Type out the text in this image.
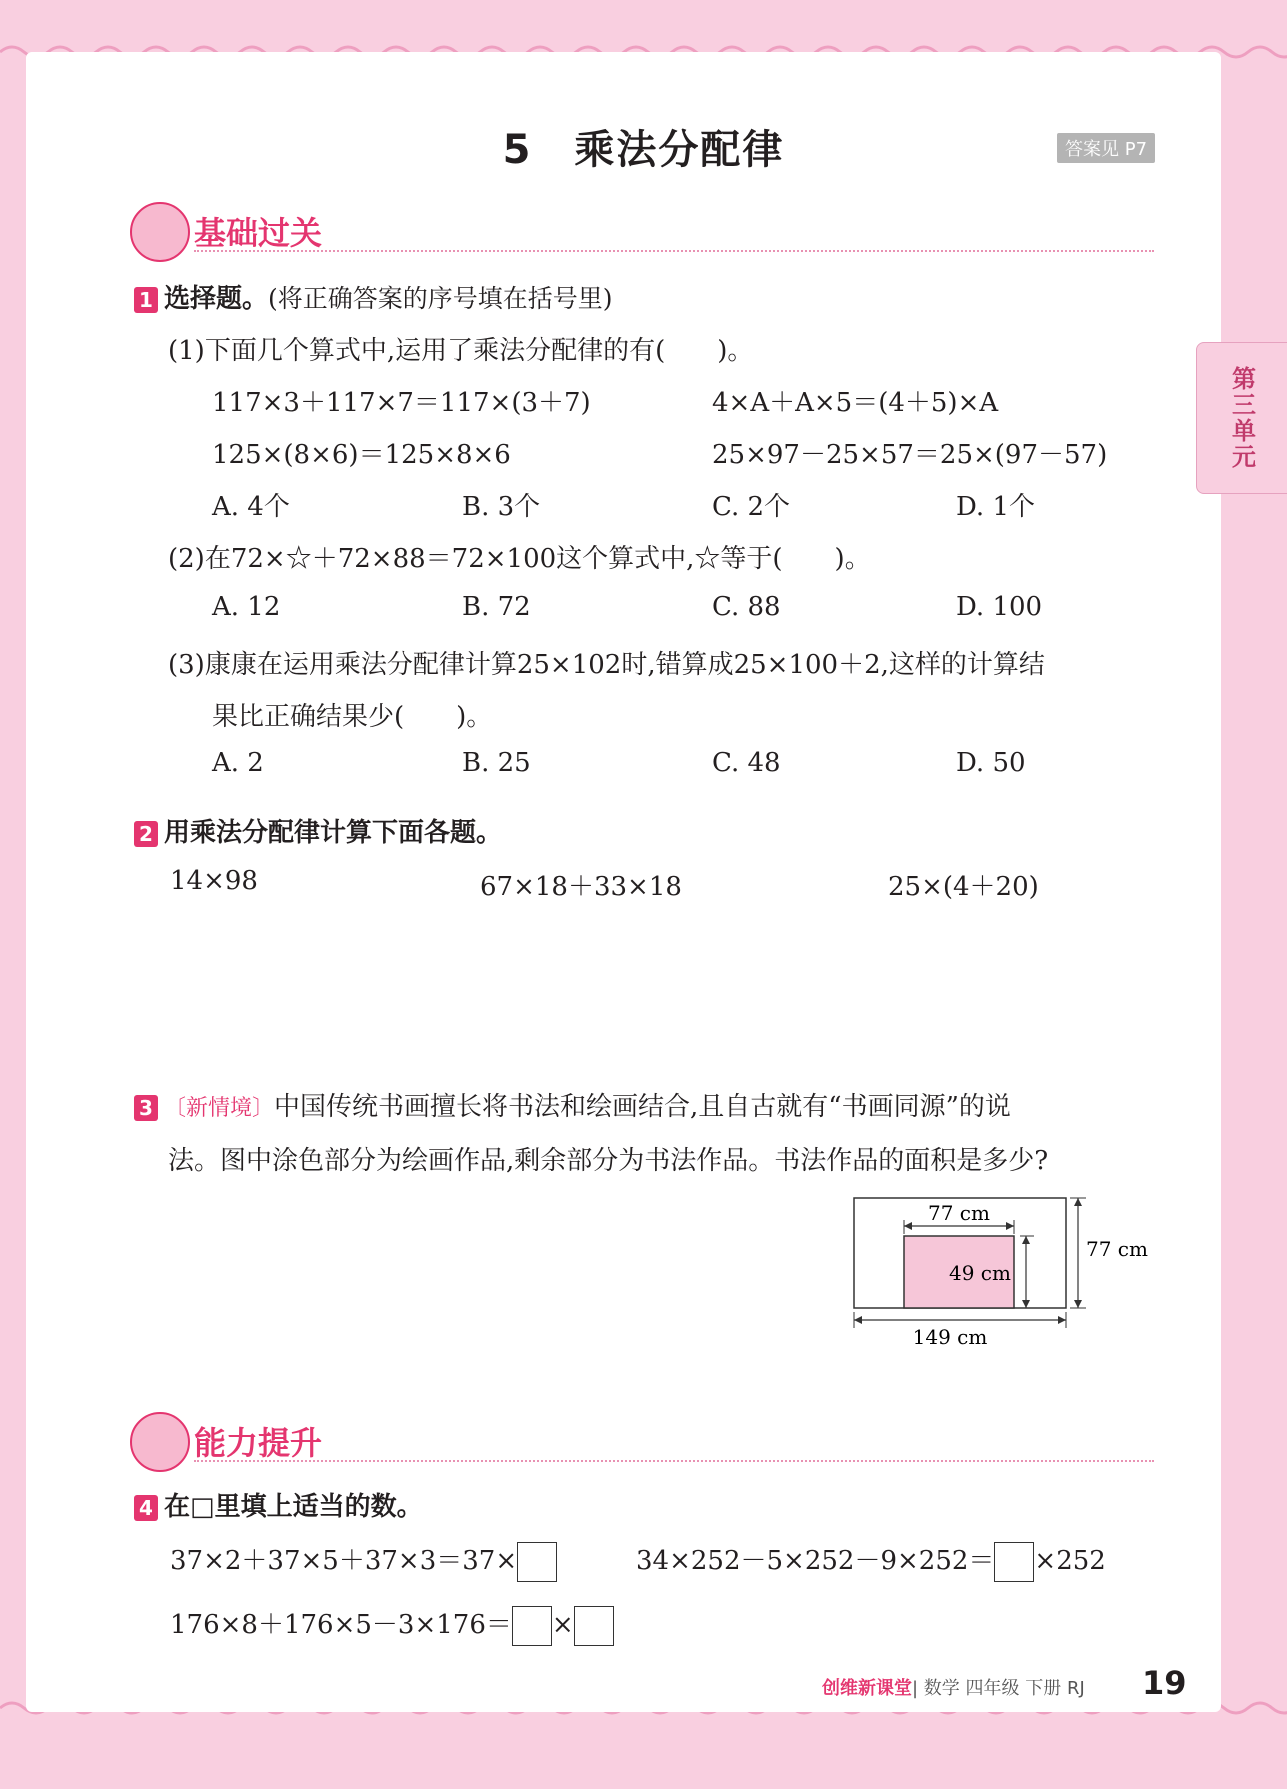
5　乘法分配律	答案见 P7
第三单元
基础过关
1 选择题。(将正确答案的序号填在括号里)
(1)下面几个算式中,运用了乘法分配律的有(　　)。
117×3＋117×7＝117×(3＋7)	4×A＋A×5＝(4＋5)×A
125×(8×6)＝125×8×6	25×97－25×57＝25×(97－57)
A. 4个	B. 3个	C. 2个	D. 1个
(2)在72×☆＋72×88＝72×100这个算式中,☆等于(　　)。
A. 12	B. 72	C. 88	D. 100
(3)康康在运用乘法分配律计算25×102时,错算成25×100＋2,这样的计算结
果比正确结果少(　　)。
A. 2	B. 25	C. 48	D. 50
2 用乘法分配律计算下面各题。
14×98	67×18＋33×18	25×(4＋20)
3 〔新情境〕中国传统书画擅长将书法和绘画结合,且自古就有“书画同源”的说
法。图中涂色部分为绘画作品,剩余部分为书法作品。书法作品的面积是多少?
77 cm
49 cm
77 cm
149 cm
能力提升
4 在□里填上适当的数。
37×2＋37×5＋37×3＝37×	34×252－5×252－9×252＝ ×252
176×8＋176×5－3×176＝ ×
创维新课堂| 数学 四年级 下册 RJ 19
